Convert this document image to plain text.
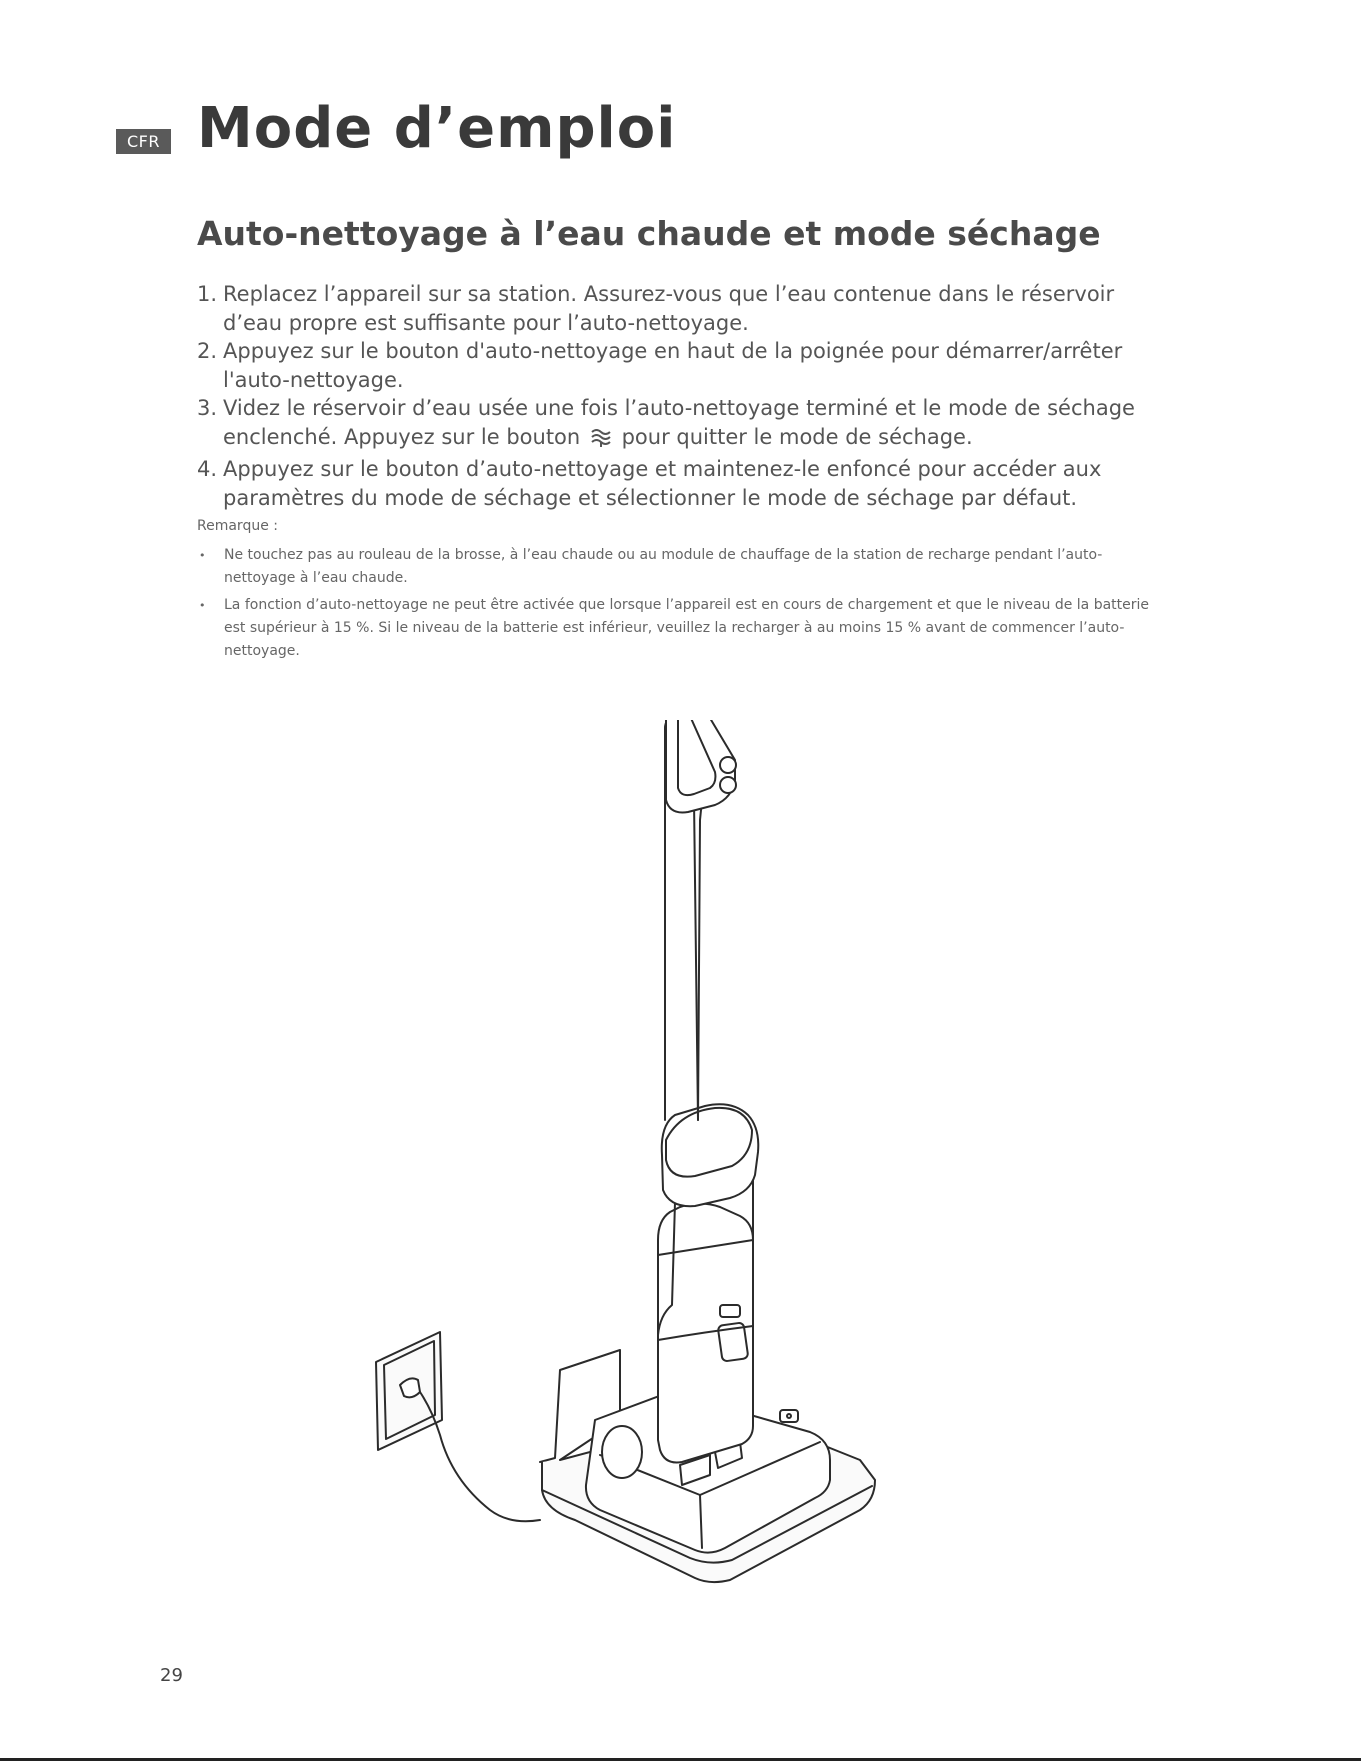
CFR Mode d’emploi
Auto-nettoyage à l’eau chaude et mode séchage
1. Replacez l’appareil sur sa station. Assurez-vous que l’eau contenue dans le réservoir d’eau propre est suffisante pour l’auto-nettoyage.
2. Appuyez sur le bouton d'auto-nettoyage en haut de la poignée pour démarrer/arrêter l'auto-nettoyage.
3. Videz le réservoir d’eau usée une fois l’auto-nettoyage terminé et le mode de séchage enclenché. Appuyez sur le bouton pour quitter le mode de séchage.
4. Appuyez sur le bouton d’auto-nettoyage et maintenez-le enfoncé pour accéder aux paramètres du mode de séchage et sélectionner le mode de séchage par défaut.
Remarque :
• Ne touchez pas au rouleau de la brosse, à l’eau chaude ou au module de chauffage de la station de recharge pendant l’auto-nettoyage à l’eau chaude.
• La fonction d’auto-nettoyage ne peut être activée que lorsque l’appareil est en cours de chargement et que le niveau de la batterie est supérieur à 15 %. Si le niveau de la batterie est inférieur, veuillez la recharger à au moins 15 % avant de commencer l’auto-nettoyage.
29
